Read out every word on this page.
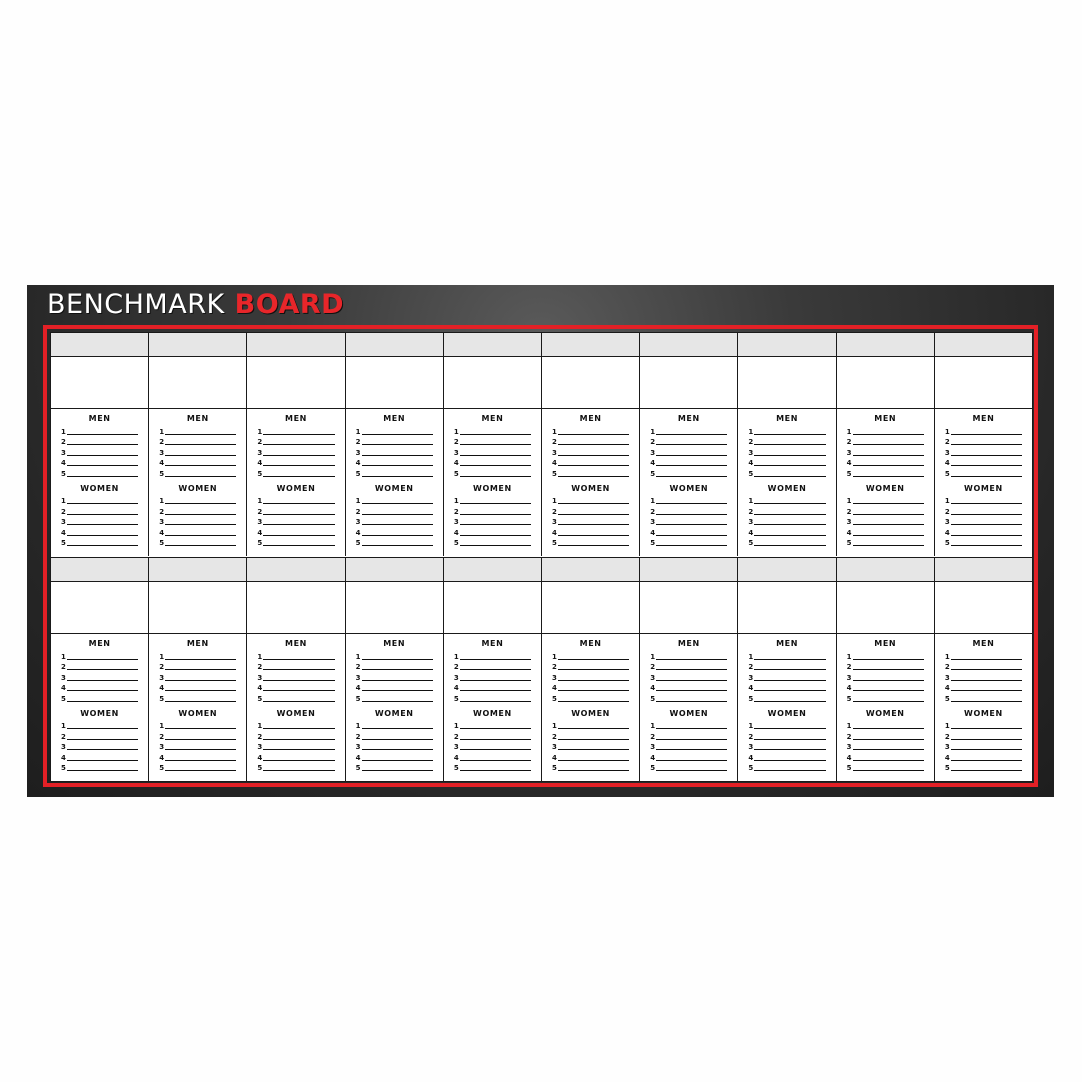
BENCHMARK BOARD
MEN
1
2
3
4
5
WOMEN
1
2
3
4
5
MEN
1
2
3
4
5
WOMEN
1
2
3
4
5
MEN
1
2
3
4
5
WOMEN
1
2
3
4
5
MEN
1
2
3
4
5
WOMEN
1
2
3
4
5
MEN
1
2
3
4
5
WOMEN
1
2
3
4
5
MEN
1
2
3
4
5
WOMEN
1
2
3
4
5
MEN
1
2
3
4
5
WOMEN
1
2
3
4
5
MEN
1
2
3
4
5
WOMEN
1
2
3
4
5
MEN
1
2
3
4
5
WOMEN
1
2
3
4
5
MEN
1
2
3
4
5
WOMEN
1
2
3
4
5
MEN
1
2
3
4
5
WOMEN
1
2
3
4
5
MEN
1
2
3
4
5
WOMEN
1
2
3
4
5
MEN
1
2
3
4
5
WOMEN
1
2
3
4
5
MEN
1
2
3
4
5
WOMEN
1
2
3
4
5
MEN
1
2
3
4
5
WOMEN
1
2
3
4
5
MEN
1
2
3
4
5
WOMEN
1
2
3
4
5
MEN
1
2
3
4
5
WOMEN
1
2
3
4
5
MEN
1
2
3
4
5
WOMEN
1
2
3
4
5
MEN
1
2
3
4
5
WOMEN
1
2
3
4
5
MEN
1
2
3
4
5
WOMEN
1
2
3
4
5
